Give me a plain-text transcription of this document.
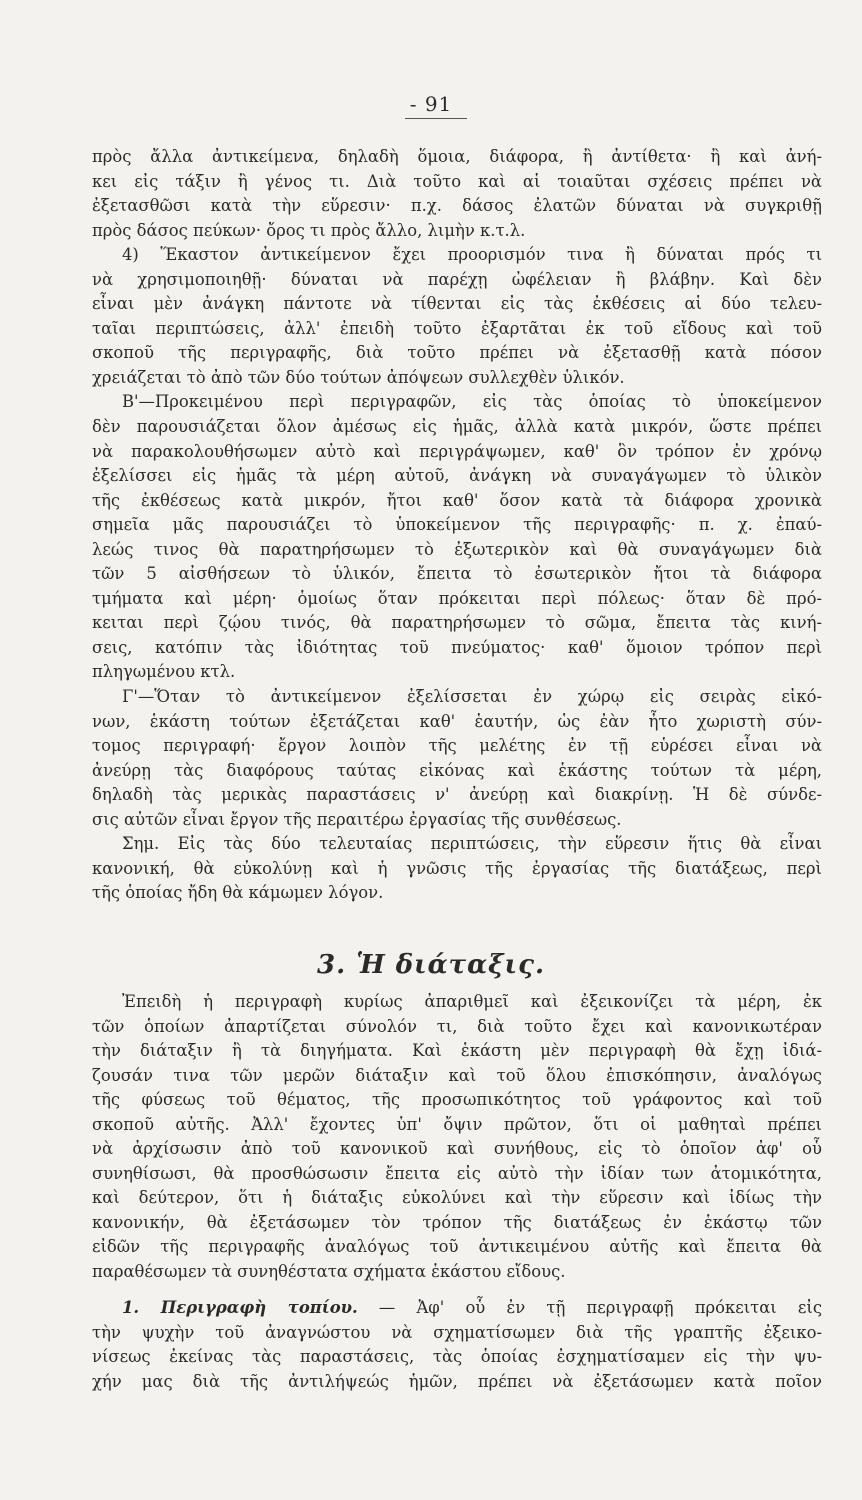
- 91
πρὸς ἄλλα ἀντικείμενα, δηλαδὴ ὅμοια, διάφορα, ἢ ἀντίθετα· ἢ καὶ ἀνή-
κει εἰς τάξιν ἢ γένος τι. Διὰ τοῦτο καὶ αἱ τοιαῦται σχέσεις πρέπει νὰ
ἐξετασθῶσι κατὰ τὴν εὕρεσιν· π.χ. δάσος ἐλατῶν δύναται νὰ συγκριθῇ
πρὸς δάσος πεύκων· ὄρος τι πρὸς ἄλλο, λιμὴν κ.τ.λ.
4) Ἕκαστον ἀντικείμενον ἔχει προορισμόν τινα ἢ δύναται πρός τι
νὰ χρησιμοποιηθῇ· δύναται νὰ παρέχῃ ὠφέλειαν ἢ βλάβην. Καὶ δὲν
εἶναι μὲν ἀνάγκη πάντοτε νὰ τίθενται εἰς τὰς ἐκθέσεις αἱ δύο τελευ-
ταῖαι περιπτώσεις, ἀλλ' ἐπειδὴ τοῦτο ἐξαρτᾶται ἐκ τοῦ εἴδους καὶ τοῦ
σκοποῦ τῆς περιγραφῆς, διὰ τοῦτο πρέπει νὰ ἐξετασθῇ κατὰ πόσον
χρειάζεται τὸ ἀπὸ τῶν δύο τούτων ἀπόψεων συλλεχθὲν ὑλικόν.
Β'—Προκειμένου περὶ περιγραφῶν, εἰς τὰς ὁποίας τὸ ὑποκείμενον
δὲν παρουσιάζεται ὅλον ἀμέσως εἰς ἡμᾶς, ἀλλὰ κατὰ μικρόν, ὥστε πρέπει
νὰ παρακολουθήσωμεν αὐτὸ καὶ περιγράψωμεν, καθ' ὃν τρόπον ἐν χρόνῳ
ἐξελίσσει εἰς ἡμᾶς τὰ μέρη αὐτοῦ, ἀνάγκη νὰ συναγάγωμεν τὸ ὑλικὸν
τῆς ἐκθέσεως κατὰ μικρόν, ἤτοι καθ' ὅσον κατὰ τὰ διάφορα χρονικὰ
σημεῖα μᾶς παρουσιάζει τὸ ὑποκείμενον τῆς περιγραφῆς· π. χ. ἐπαύ-
λεώς τινος θὰ παρατηρήσωμεν τὸ ἐξωτερικὸν καὶ θὰ συναγάγωμεν διὰ
τῶν 5 αἰσθήσεων τὸ ὑλικόν, ἔπειτα τὸ ἐσωτερικὸν ἤτοι τὰ διάφορα
τμήματα καὶ μέρη· ὁμοίως ὅταν πρόκειται περὶ πόλεως· ὅταν δὲ πρό-
κειται περὶ ζῴου τινός, θὰ παρατηρήσωμεν τὸ σῶμα, ἔπειτα τὰς κινή-
σεις, κατόπιν τὰς ἰδιότητας τοῦ πνεύματος· καθ' ὅμοιον τρόπον περὶ
πληγωμένου κτλ.
Γ'—Ὅταν τὸ ἀντικείμενον ἐξελίσσεται ἐν χώρῳ εἰς σειρὰς εἰκό-
νων, ἑκάστη τούτων ἐξετάζεται καθ' ἑαυτήν, ὡς ἐὰν ἦτο χωριστὴ σύν-
τομος περιγραφή· ἔργον λοιπὸν τῆς μελέτης ἐν τῇ εὑρέσει εἶναι νὰ
ἀνεύρῃ τὰς διαφόρους ταύτας εἰκόνας καὶ ἑκάστης τούτων τὰ μέρη,
δηλαδὴ τὰς μερικὰς παραστάσεις ν' ἀνεύρῃ καὶ διακρίνῃ. Ἡ δὲ σύνδε-
σις αὐτῶν εἶναι ἔργον τῆς περαιτέρω ἐργασίας τῆς συνθέσεως.
Σημ. Εἰς τὰς δύο τελευταίας περιπτώσεις, τὴν εὕρεσιν ἥτις θὰ εἶναι
κανονική, θὰ εὐκολύνῃ καὶ ἡ γνῶσις τῆς ἐργασίας τῆς διατάξεως, περὶ
τῆς ὁποίας ἤδη θὰ κάμωμεν λόγον.
3. Ἡ διάταξις.
Ἐπειδὴ ἡ περιγραφὴ κυρίως ἀπαριθμεῖ καὶ ἐξεικονίζει τὰ μέρη, ἐκ
τῶν ὁποίων ἀπαρτίζεται σύνολόν τι, διὰ τοῦτο ἔχει καὶ κανονικωτέραν
τὴν διάταξιν ἢ τὰ διηγήματα. Καὶ ἑκάστη μὲν περιγραφὴ θὰ ἔχῃ ἰδιά-
ζουσάν τινα τῶν μερῶν διάταξιν καὶ τοῦ ὅλου ἐπισκόπησιν, ἀναλόγως
τῆς φύσεως τοῦ θέματος, τῆς προσωπικότητος τοῦ γράφοντος καὶ τοῦ
σκοποῦ αὐτῆς. Ἀλλ' ἔχοντες ὑπ' ὄψιν πρῶτον, ὅτι οἱ μαθηταὶ πρέπει
νὰ ἀρχίσωσιν ἀπὸ τοῦ κανονικοῦ καὶ συνήθους, εἰς τὸ ὁποῖον ἀφ' οὗ
συνηθίσωσι, θὰ προσθώσωσιν ἔπειτα εἰς αὐτὸ τὴν ἰδίαν των ἀτομικότητα,
καὶ δεύτερον, ὅτι ἡ διάταξις εὐκολύνει καὶ τὴν εὕρεσιν καὶ ἰδίως τὴν
κανονικήν, θὰ ἐξετάσωμεν τὸν τρόπον τῆς διατάξεως ἐν ἑκάστῳ τῶν
εἰδῶν τῆς περιγραφῆς ἀναλόγως τοῦ ἀντικειμένου αὐτῆς καὶ ἔπειτα θὰ
παραθέσωμεν τὰ συνηθέστατα σχήματα ἑκάστου εἴδους.
1. Περιγραφὴ τοπίου. — Ἀφ' οὗ ἐν τῇ περιγραφῇ πρόκειται εἰς
τὴν ψυχὴν τοῦ ἀναγνώστου νὰ σχηματίσωμεν διὰ τῆς γραπτῆς ἐξεικο-
νίσεως ἐκείνας τὰς παραστάσεις, τὰς ὁποίας ἐσχηματίσαμεν εἰς τὴν ψυ-
χήν μας διὰ τῆς ἀντιλήψεώς ἡμῶν, πρέπει νὰ ἐξετάσωμεν κατὰ ποῖον
